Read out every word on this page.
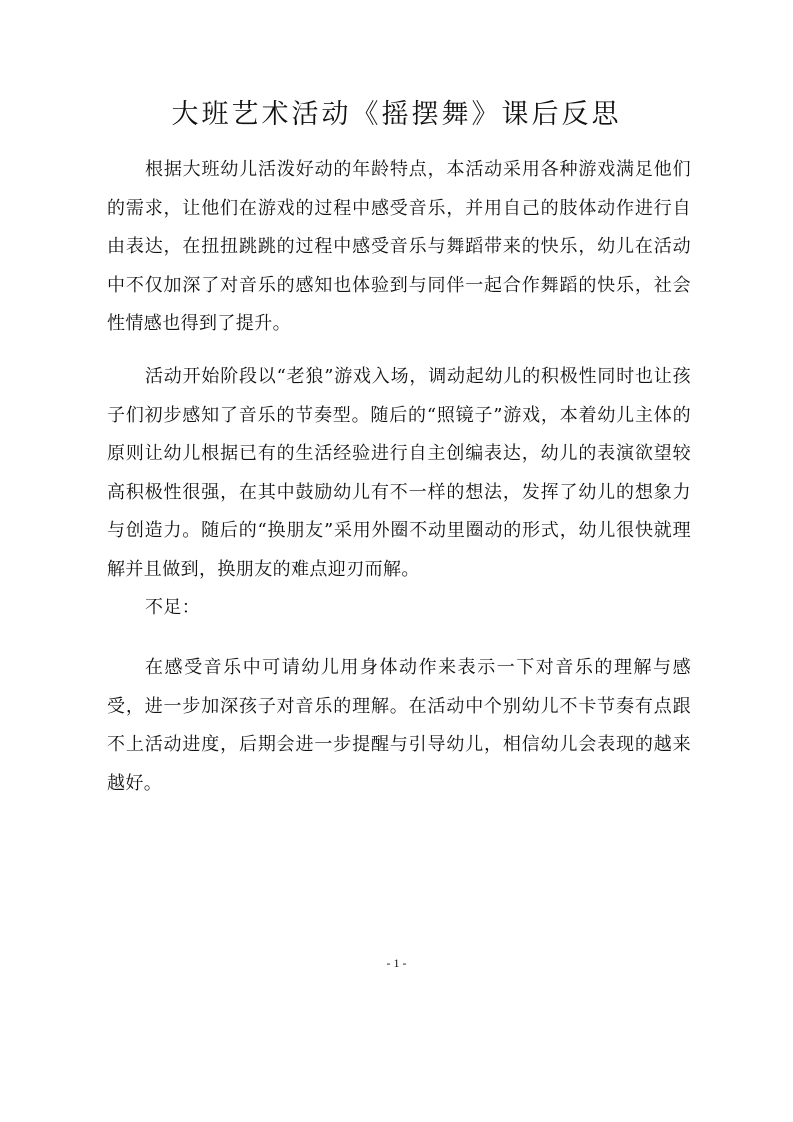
大班艺术活动《摇摆舞》课后反思

根据大班幼儿活泼好动的年龄特点，本活动采用各种游戏满足他们的需求，让他们在游戏的过程中感受音乐，并用自己的肢体动作进行自由表达，在扭扭跳跳的过程中感受音乐与舞蹈带来的快乐，幼儿在活动中不仅加深了对音乐的感知也体验到与同伴一起合作舞蹈的快乐，社会性情感也得到了提升。

活动开始阶段以“老狼”游戏入场，调动起幼儿的积极性同时也让孩子们初步感知了音乐的节奏型。随后的“照镜子”游戏，本着幼儿主体的原则让幼儿根据已有的生活经验进行自主创编表达，幼儿的表演欲望较高积极性很强，在其中鼓励幼儿有不一样的想法，发挥了幼儿的想象力与创造力。随后的“换朋友”采用外圈不动里圈动的形式，幼儿很快就理解并且做到，换朋友的难点迎刃而解。

不足：

在感受音乐中可请幼儿用身体动作来表示一下对音乐的理解与感受，进一步加深孩子对音乐的理解。在活动中个别幼儿不卡节奏有点跟不上活动进度，后期会进一步提醒与引导幼儿，相信幼儿会表现的越来越好。

- 1 -
